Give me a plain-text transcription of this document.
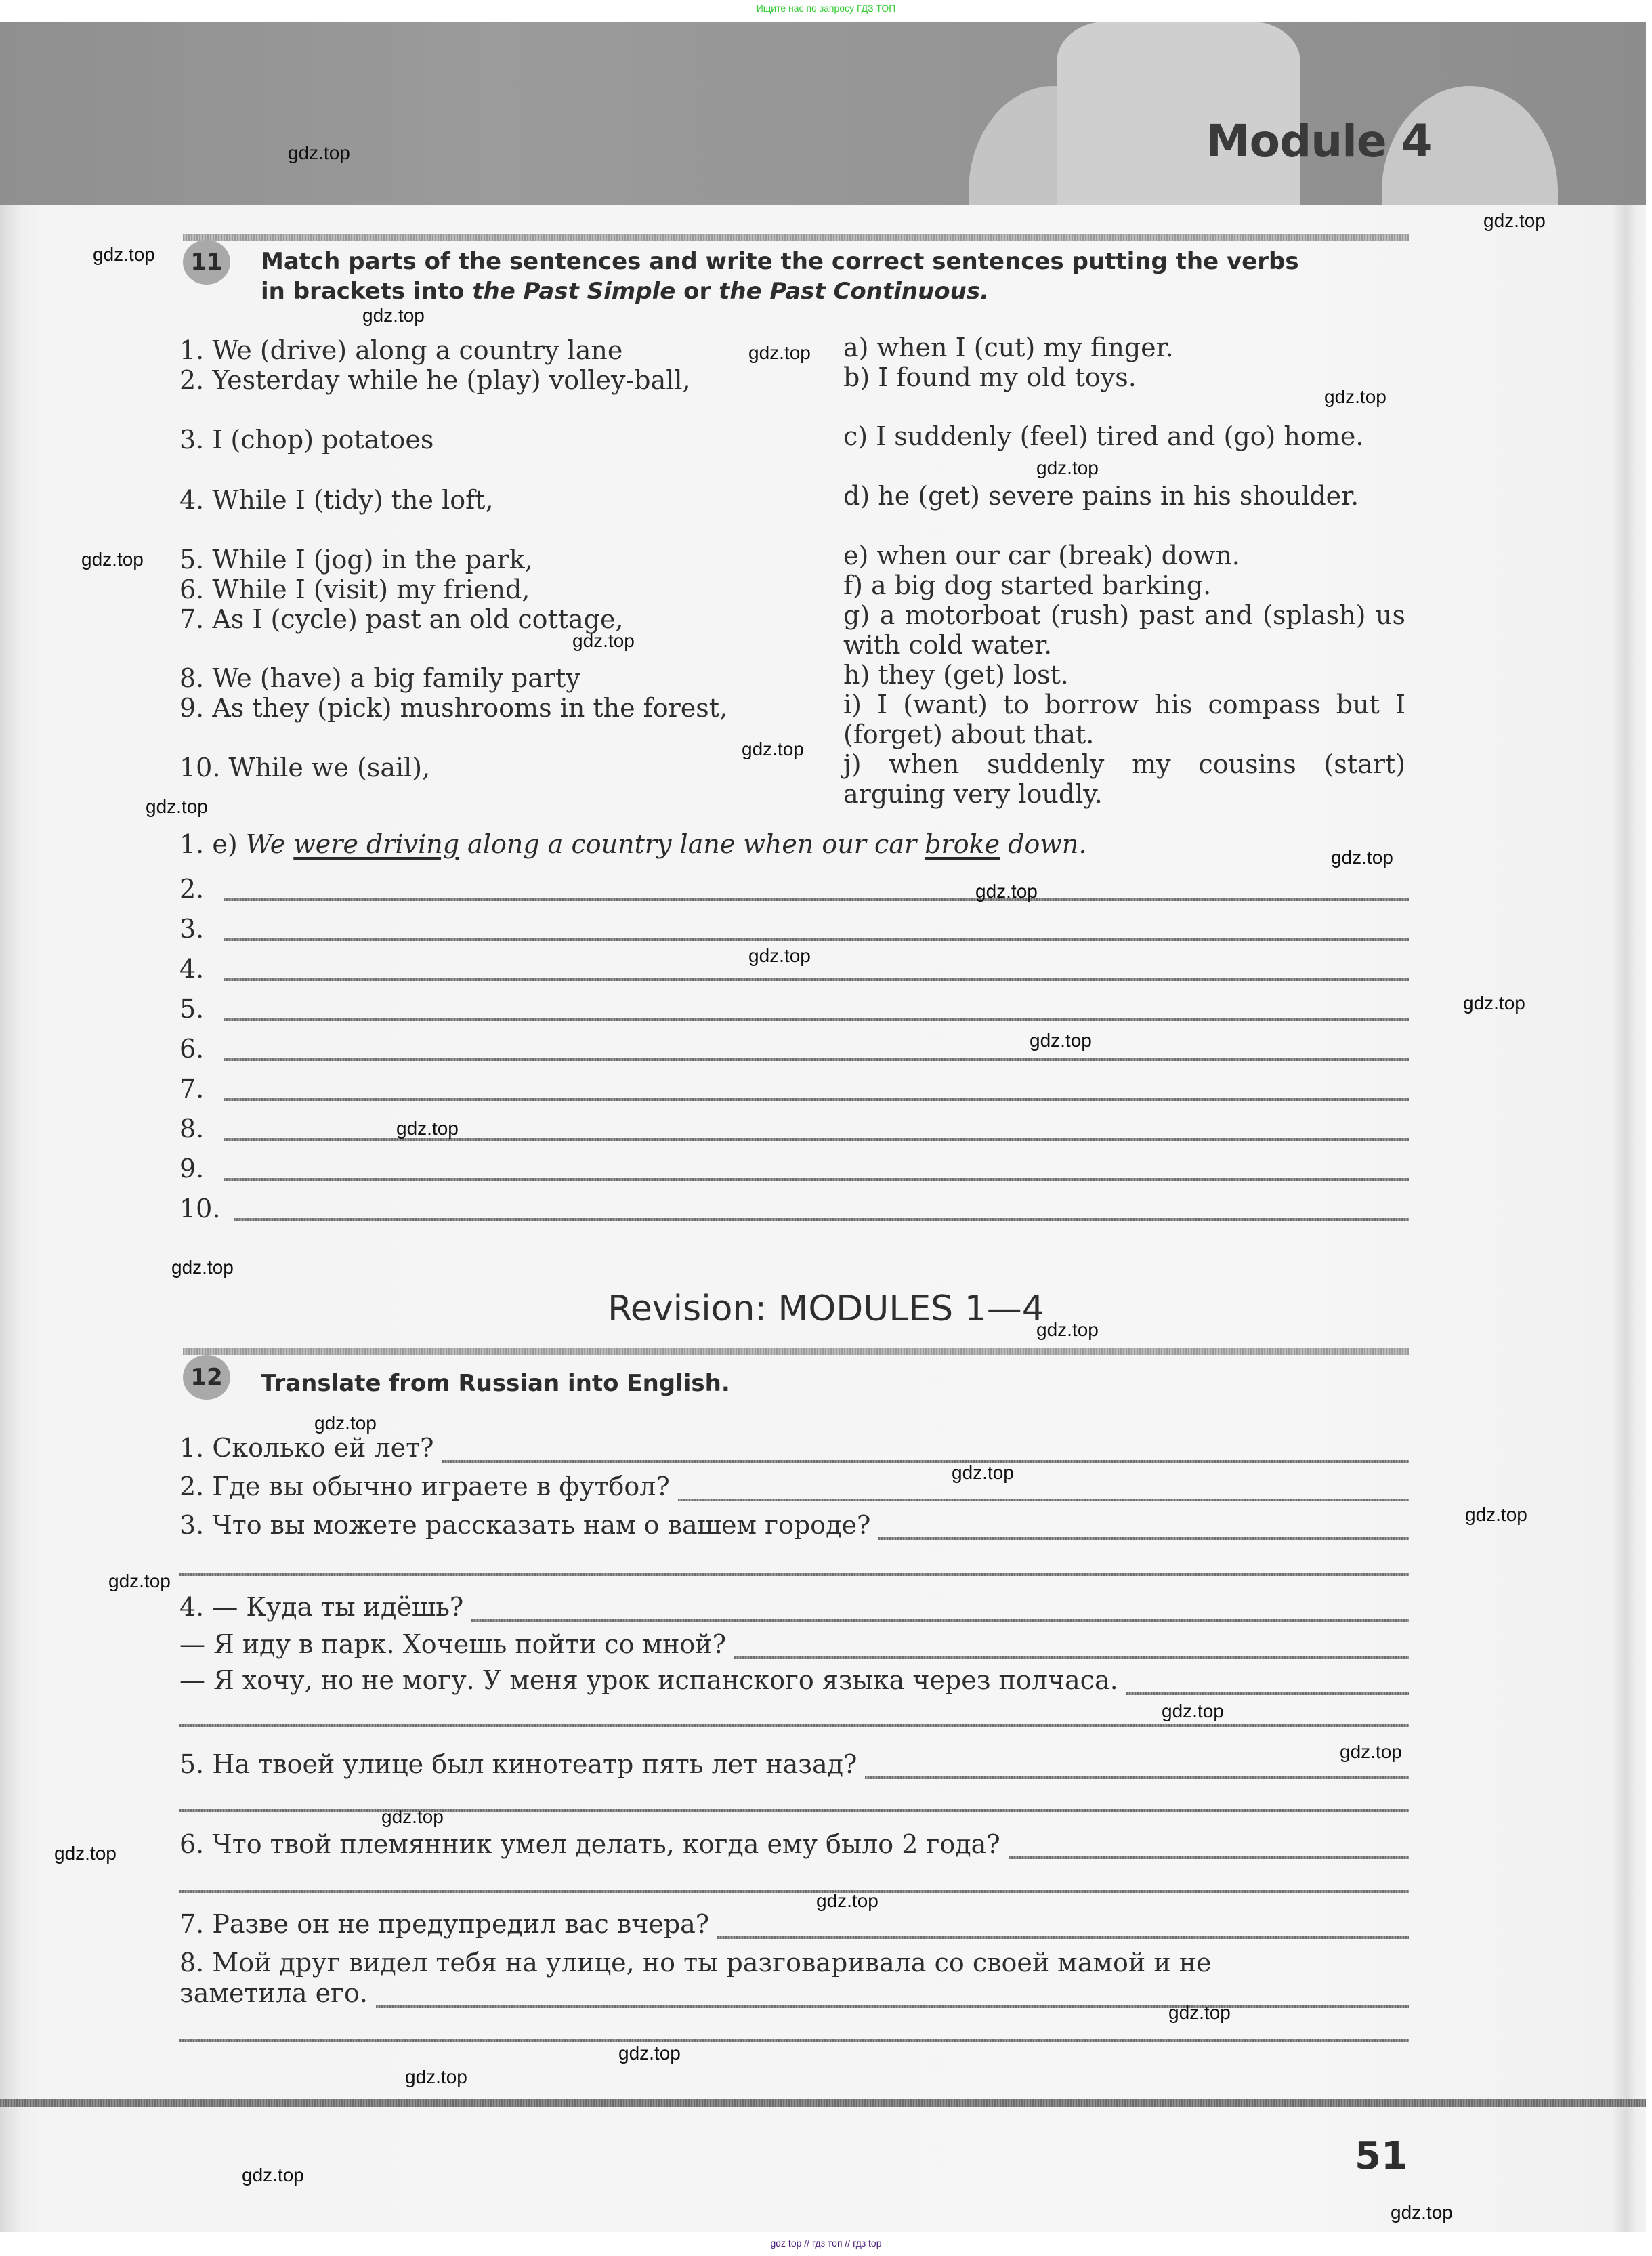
Ищите нас по запросу ГДЗ ТОП
Module 4
11	Match parts of the sentences and write the correct sentences putting the verbs
in brackets into the Past Simple or the Past Continuous.
1. We (drive) along a country lane
2. Yesterday while he (play) volley-ball,
3. I (chop) potatoes
4. While I (tidy) the loft,
5. While I (jog) in the park,
6. While I (visit) my friend,
7. As I (cycle) past an old cottage,
8. We (have) a big family party
9. As they (pick) mushrooms in the forest,
10. While we (sail),
a) when I (cut) my finger.
b) I found my old toys.
c) I suddenly (feel) tired and (go) home.
d) he (get) severe pains in his shoulder.
e) when our car (break) down.
f) a big dog started barking.
g) a motorboat (rush) past and (splash) us with cold water.
h) they (get) lost.
i) I (want) to borrow his compass but I (forget) about that.
j) when suddenly my cousins (start) arguing very loudly.
1. e) We were driving along a country lane when our car broke down.
2.
3.
4.
5.
6.
7.
8.
9.
10.
Revision: MODULES 1—4
12	Translate from Russian into English.
1. Сколько ей лет?
2. Где вы обычно играете в футбол?
3. Что вы можете рассказать нам о вашем городе?
4. — Куда ты идёшь?
— Я иду в парк. Хочешь пойти со мной?
— Я хочу, но не могу. У меня урок испанского языка через полчаса.
5. На твоей улице был кинотеатр пять лет назад?
6. Что твой племянник умел делать, когда ему было 2 года?
7. Разве он не предупредил вас вчера?
8. Мой друг видел тебя на улице, но ты разговаривала со своей мамой и не
заметила его.
51
gdz.top
gdz.top
gdz.top
gdz.top
gdz.top
gdz.top
gdz.top
gdz.top
gdz.top
gdz.top
gdz.top
gdz.top
gdz.top
gdz.top
gdz.top
gdz.top
gdz.top
gdz.top
gdz.top
gdz.top
gdz.top
gdz.top
gdz.top
gdz.top
gdz.top
gdz.top
gdz.top
gdz.top
gdz.top
gdz.top
gdz.top
gdz.top
gdz.top
gdz top // гдз топ // гдз top
